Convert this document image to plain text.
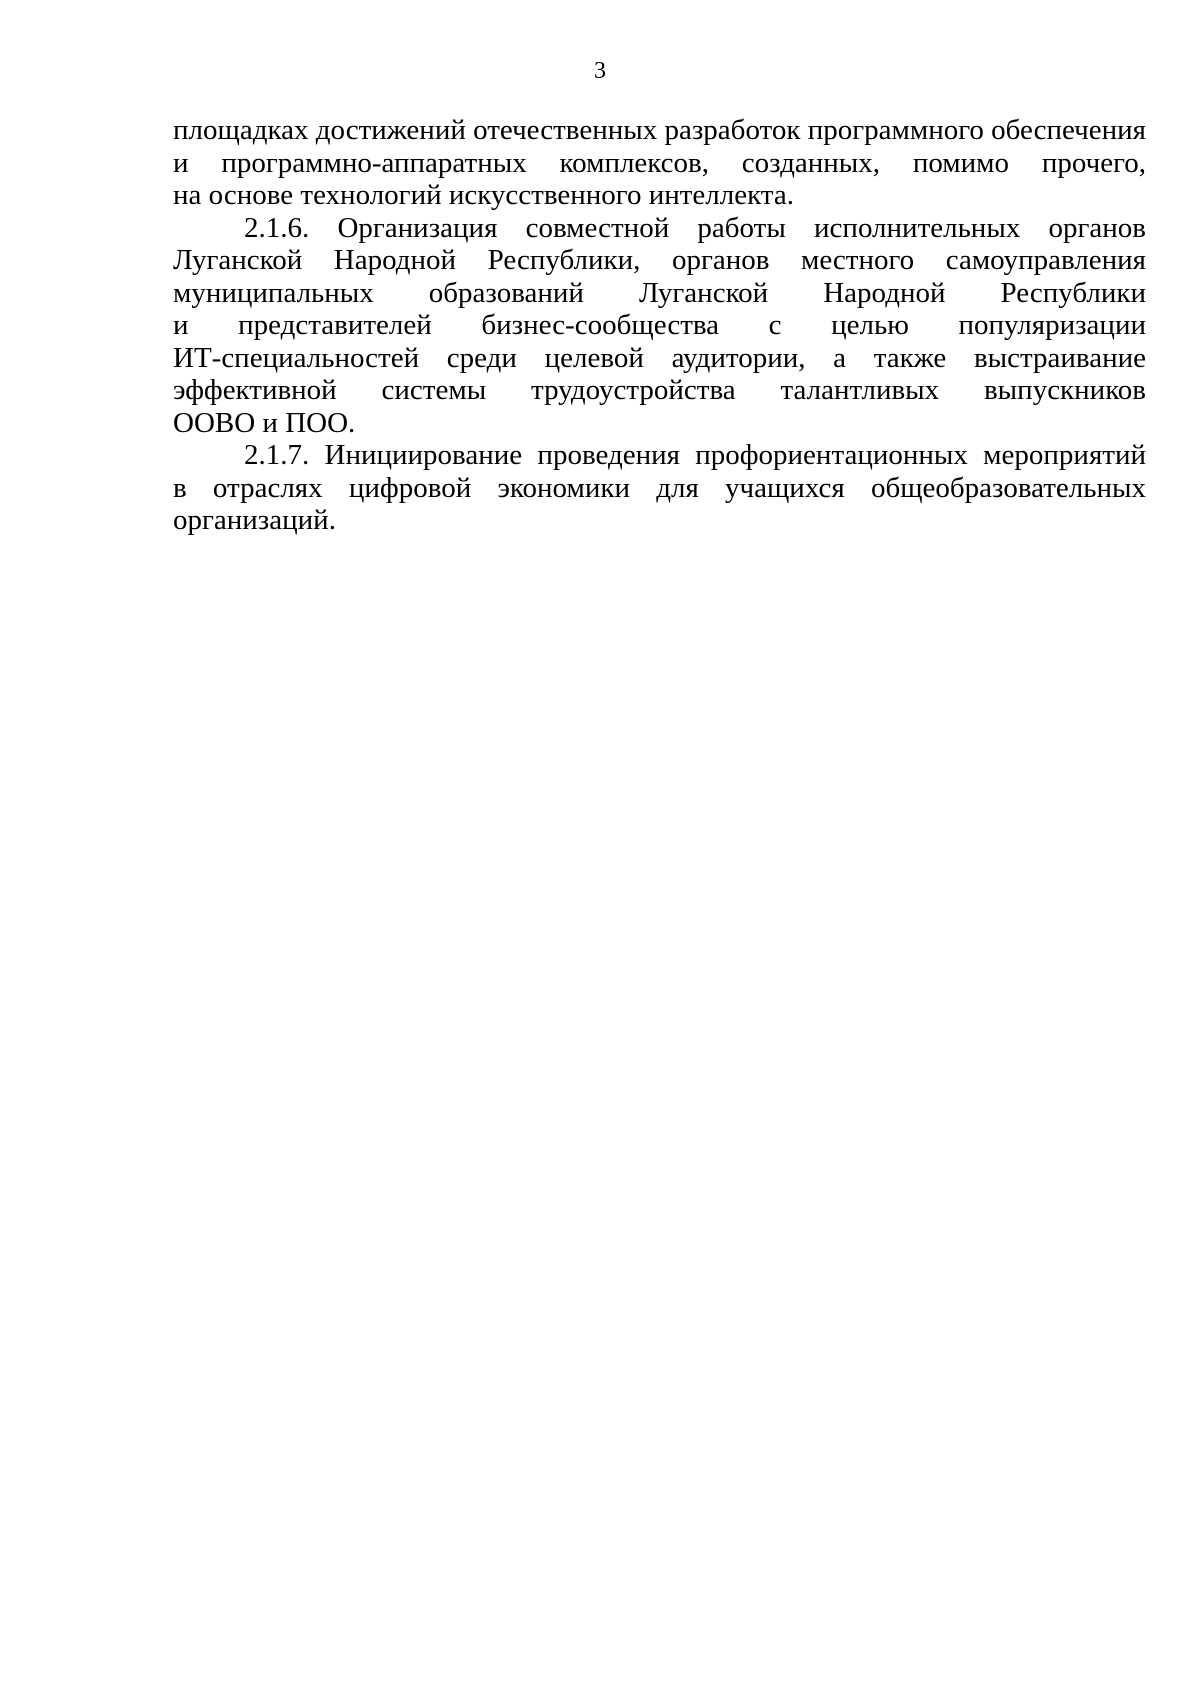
3

площадках достижений отечественных разработок программного обеспечения
и программно-аппаратных комплексов, созданных, помимо прочего,
на основе технологий искусственного интеллекта.

2.1.6. Организация совместной работы исполнительных органов
Луганской Народной Республики, органов местного самоуправления
муниципальных образований Луганской Народной Республики
и представителей бизнес-сообщества с целью популяризации
ИТ-специальностей среди целевой аудитории, а также выстраивание
эффективной системы трудоустройства талантливых выпускников
ООВО и ПОО.

2.1.7. Инициирование проведения профориентационных мероприятий
в отраслях цифровой экономики для учащихся общеобразовательных
организаций.
